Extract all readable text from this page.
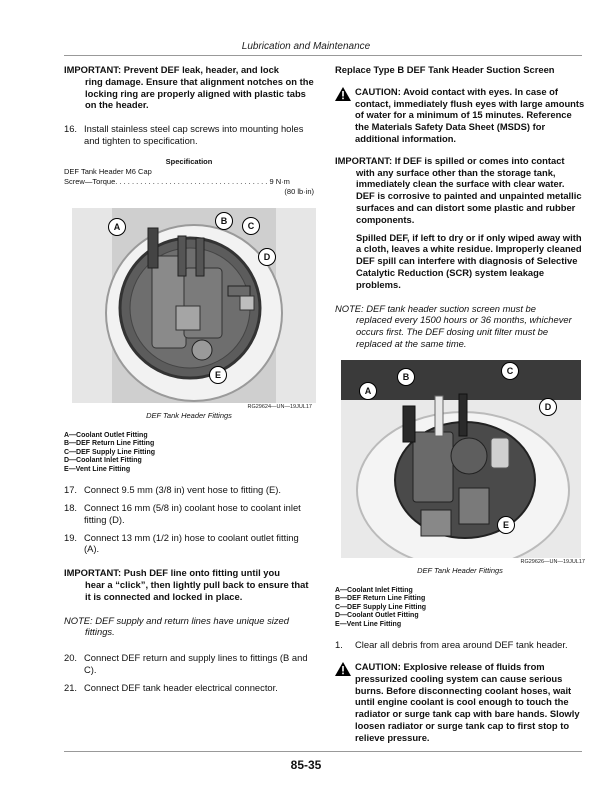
Lubrication and Maintenance

IMPORTANT: Prevent DEF leak, header, and lock
ring damage. Ensure that alignment notches on the locking ring are properly aligned with plastic tabs on the header.

16. Install stainless steel cap screws into mounting holes and tighten to specification.
Specification
DEF Tank Header M6 Cap
Screw—Torque. . . . . . . . . . . . . . . . . . . . . . . . . . . . . . . . . . . . . 9 N·m
(80 lb·in)
A
B	C
D
E
RG29624—UN—19JUL17
DEF Tank Header Fittings
A—Coolant Outlet Fitting
B—DEF Return Line Fitting
C—DEF Supply Line Fitting
D—Coolant Inlet Fitting
E—Vent Line Fitting
17. Connect 9.5 mm (3/8 in) vent hose to fitting (E).
18. Connect 16 mm (5/8 in) coolant hose to coolant inlet fitting (D).
19. Connect 13 mm (1/2 in) hose to coolant outlet fitting (A).

IMPORTANT: Push DEF line onto fitting until you
hear a “click”, then lightly pull back to ensure that it is connected and locked in place.

NOTE: DEF supply and return lines have unique sized
fittings.

20. Connect DEF return and supply lines to fittings (B and C).
21. Connect DEF tank header electrical connector.
Replace Type B DEF Tank Header Suction Screen
CAUTION: Avoid contact with eyes. In case of contact, immediately flush eyes with large amounts of water for a minimum of 15 minutes. Reference the Materials Safety Data Sheet (MSDS) for additional information.

IMPORTANT: If DEF is spilled or comes into contact
with any surface other than the storage tank, immediately clean the surface with clear water. DEF is corrosive to painted and unpainted metallic surfaces and can distort some plastic and rubber components.
Spilled DEF, if left to dry or if only wiped away with a cloth, leaves a white residue. Improperly cleaned DEF spill can interfere with diagnosis of Selective Catalytic Reduction (SCR) system leakage problems.

NOTE: DEF tank header suction screen must be
replaced every 1500 hours or 36 months, whichever occurs first. The DEF dosing unit filter must be replaced at the same time.

A
B
C
D
E
RG29626—UN—19JUL17
DEF Tank Header Fittings
A—Coolant Inlet Fitting
B—DEF Return Line Fitting
C—DEF Supply Line Fitting
D—Coolant Outlet Fitting
E—Vent Line Fitting
1.	Clear all debris from area around DEF tank header.
CAUTION: Explosive release of fluids from pressurized cooling system can cause serious burns. Before disconnecting coolant hoses, wait until engine coolant is cool enough to touch the radiator or surge tank cap with bare hands. Slowly loosen radiator or surge tank cap to first stop to relieve pressure.
85-35
